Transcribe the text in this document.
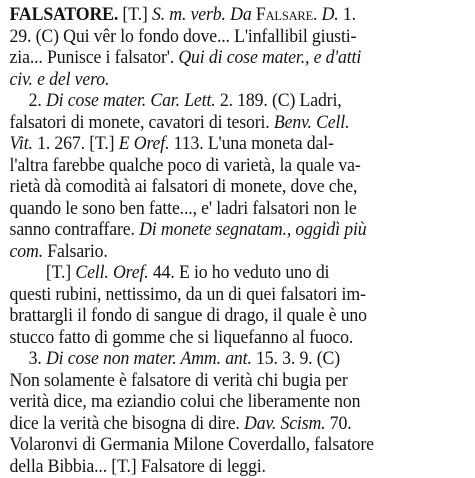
FALSATORE. [T.] S. m. verb. Da Falsare. D. 1.
29. (C) Qui vêr lo fondo dove... L'infallibil giusti-
zia... Punisce i falsator'. Qui di cose mater., e d'atti
civ. e del vero.
2. Di cose mater. Car. Lett. 2. 189. (C) Ladri,
falsatori di monete, cavatori di tesori. Benv. Cell.
Vit. 1. 267. [T.] E Oref. 113. L'una moneta dal-
l'altra farebbe qualche poco di varietà, la quale va-
rietà dà comodità ai falsatori di monete, dove che,
quando le sono ben fatte..., e' ladri falsatori non le
sanno contraffare. Di monete segnatam., oggidì più
com. Falsario.
[T.] Cell. Oref. 44. E io ho veduto uno di
questi rubini, nettissimo, da un di quei falsatori im-
brattargli il fondo di sangue di drago, il quale è uno
stucco fatto di gomme che si liquefanno al fuoco.
3. Di cose non mater. Amm. ant. 15. 3. 9. (C)
Non solamente è falsatore di verità chi bugia per
verità dice, ma eziandio colui che liberamente non
dice la verità che bisogna di dire. Dav. Scism. 70.
Volaronvi di Germania Milone Coverdallo, falsatore
della Bibbia... [T.] Falsatore di leggi.
